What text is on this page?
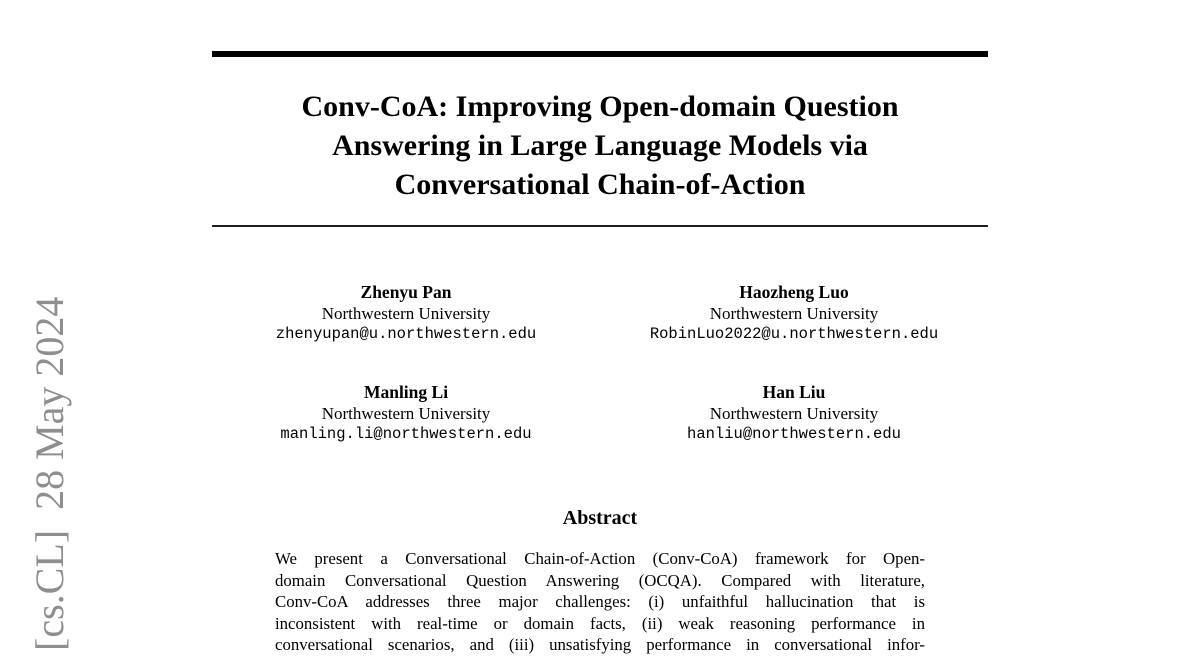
[cs.CL]  28 May 2024
Conv-CoA: Improving Open-domain Question
Answering in Large Language Models via
Conversational Chain-of-Action
Zhenyu Pan
Northwestern University
zhenyupan@u.northwestern.edu
Haozheng Luo
Northwestern University
RobinLuo2022@u.northwestern.edu
Manling Li
Northwestern University
manling.li@northwestern.edu
Han Liu
Northwestern University
hanliu@northwestern.edu
Abstract
We present a Conversational Chain-of-Action (Conv-CoA) framework for Open-
domain Conversational Question Answering (OCQA). Compared with literature,
Conv-CoA addresses three major challenges: (i) unfaithful hallucination that is
inconsistent with real-time or domain facts, (ii) weak reasoning performance in
conversational scenarios, and (iii) unsatisfying performance in conversational infor-
